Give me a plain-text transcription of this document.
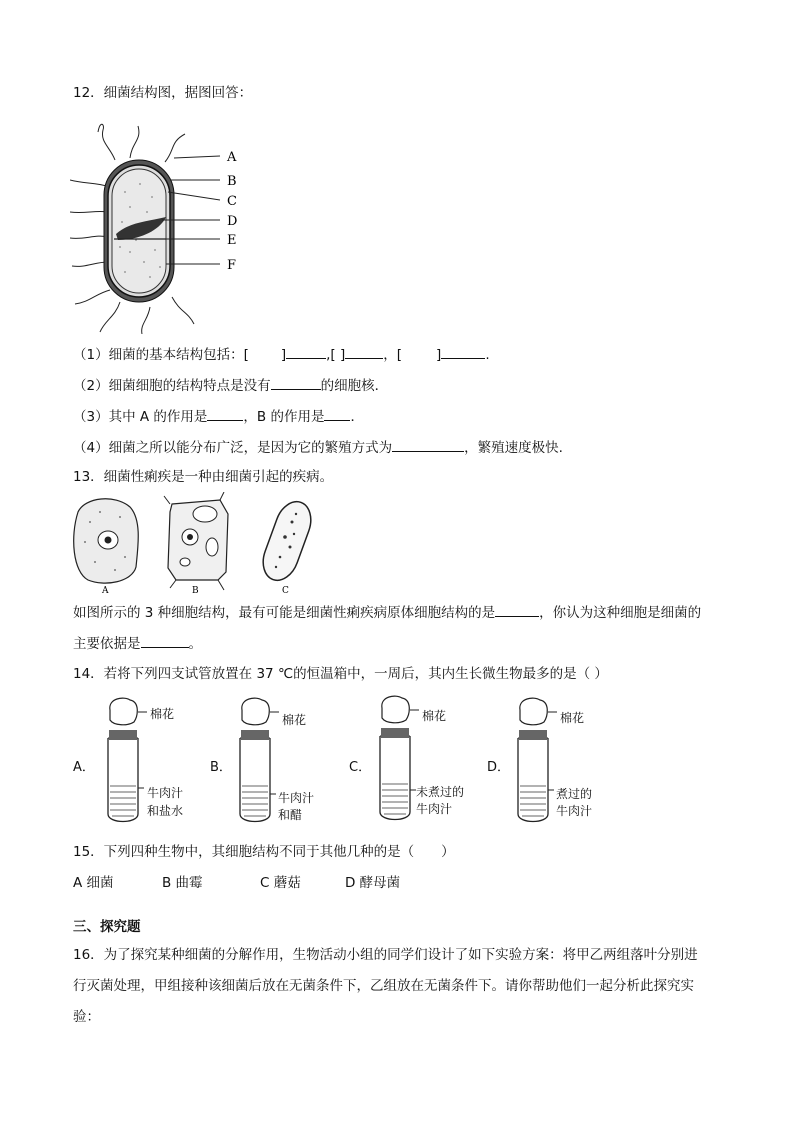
12．细菌结构图，据图回答：
A
B
C
D
E
F
（1）细菌的基本结构包括：[ ]	,[ ]	，[	]	.
（2）细菌细胞的结构特点是没有	的细胞核．
（3）其中 A 的作用是	，B 的作用是 ．
（4）细菌之所以能分布广泛，是因为它的繁殖方式为	，繁殖速度极快.
13．细菌性痢疾是一种由细菌引起的疾病。
A	B	C
如图所示的 3 种细胞结构，最有可能是细菌性痢疾病原体细胞结构的是	，你认为这种细胞是细菌的
主要依据是	。
14．若将下列四支试管放置在 37 ℃的恒温箱中，一周后，其内生长微生物最多的是（ ）
A．
棉花
牛肉汁
和盐水
B．
棉花
牛肉汁
和醋
C．
棉花
未煮过的
牛肉汁
D．
棉花
煮过的
牛肉汁
15．下列四种生物中，其细胞结构不同于其他几种的是（　　）
A 细菌	B 曲霉	C 蘑菇	D 酵母菌
三、探究题
16．为了探究某种细菌的分解作用，生物活动小组的同学们设计了如下实验方案：将甲乙两组落叶分别进
行灭菌处理，甲组接种该细菌后放在无菌条件下，乙组放在无菌条件下。请你帮助他们一起分析此探究实
验：
